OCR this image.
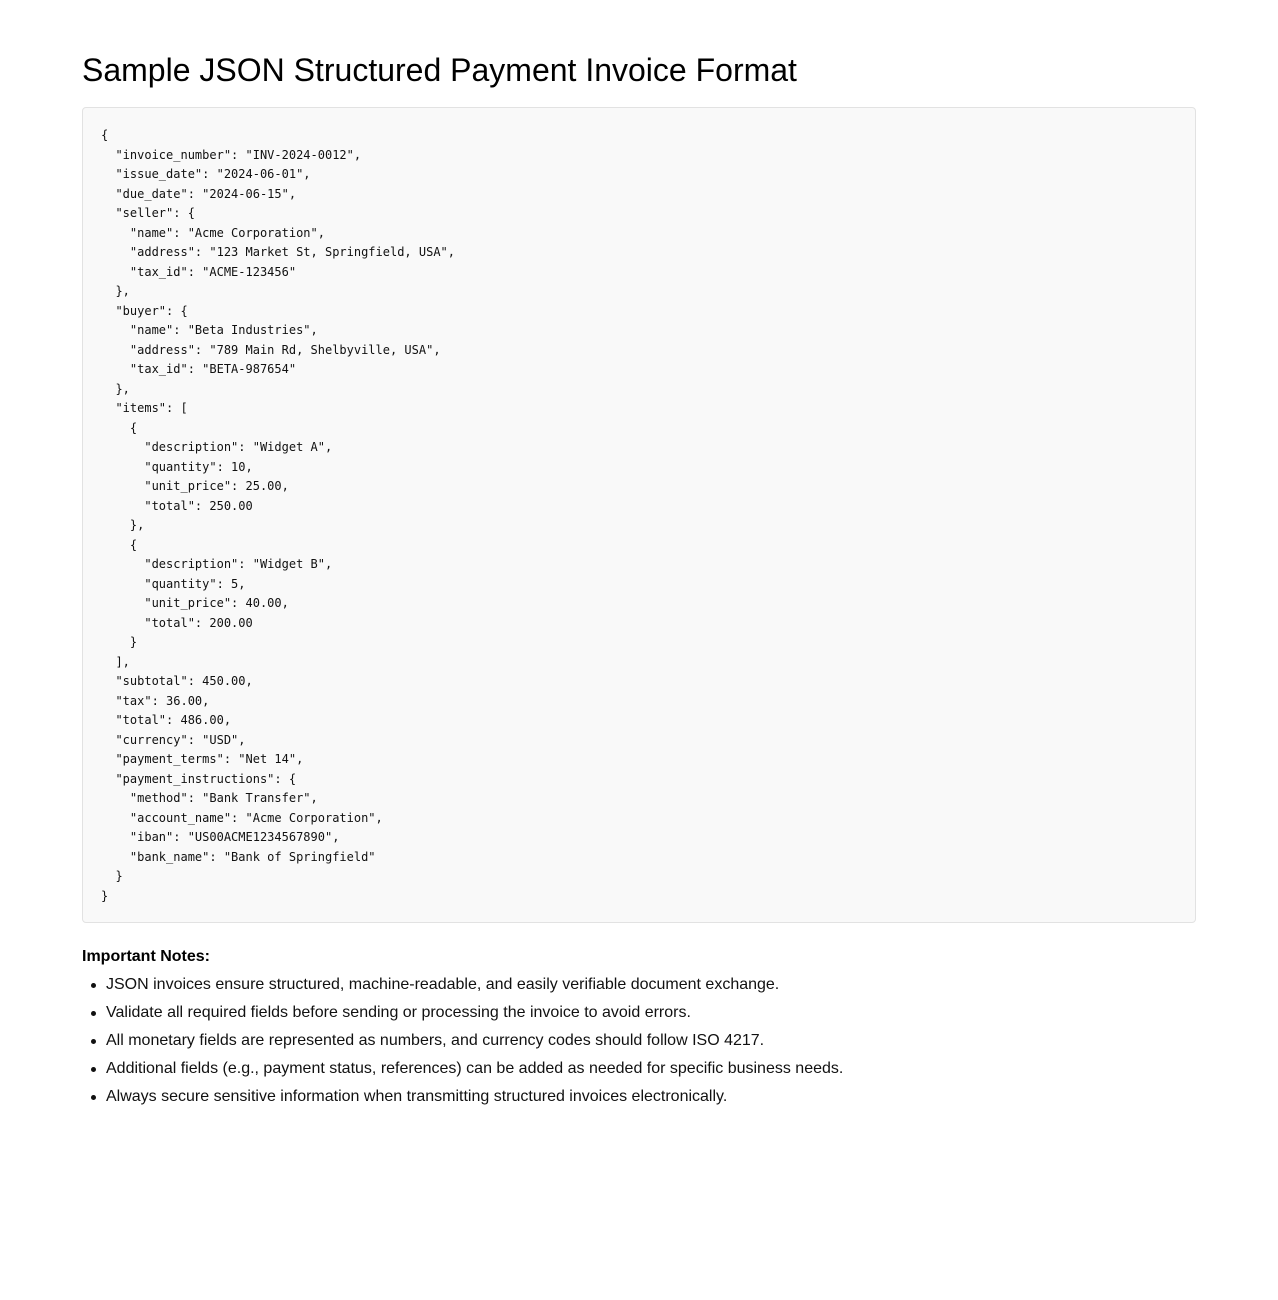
Sample JSON Structured Payment Invoice Format
{
"invoice_number": "INV-2024-0012",
"issue_date": "2024-06-01",
"due_date": "2024-06-15",
"seller": {
"name": "Acme Corporation",
"address": "123 Market St, Springfield, USA",
"tax_id": "ACME-123456"
},
"buyer": {
"name": "Beta Industries",
"address": "789 Main Rd, Shelbyville, USA",
"tax_id": "BETA-987654"
},
"items": [
{
"description": "Widget A",
"quantity": 10,
"unit_price": 25.00,
"total": 250.00
},
{
"description": "Widget B",
"quantity": 5,
"unit_price": 40.00,
"total": 200.00
}
],
"subtotal": 450.00,
"tax": 36.00,
"total": 486.00,
"currency": "USD",
"payment_terms": "Net 14",
"payment_instructions": {
"method": "Bank Transfer",
"account_name": "Acme Corporation",
"iban": "US00ACME1234567890",
"bank_name": "Bank of Springfield"
}
}
Important Notes:
JSON invoices ensure structured, machine-readable, and easily verifiable document exchange.
Validate all required fields before sending or processing the invoice to avoid errors.
All monetary fields are represented as numbers, and currency codes should follow ISO 4217.
Additional fields (e.g., payment status, references) can be added as needed for specific business needs.
Always secure sensitive information when transmitting structured invoices electronically.
